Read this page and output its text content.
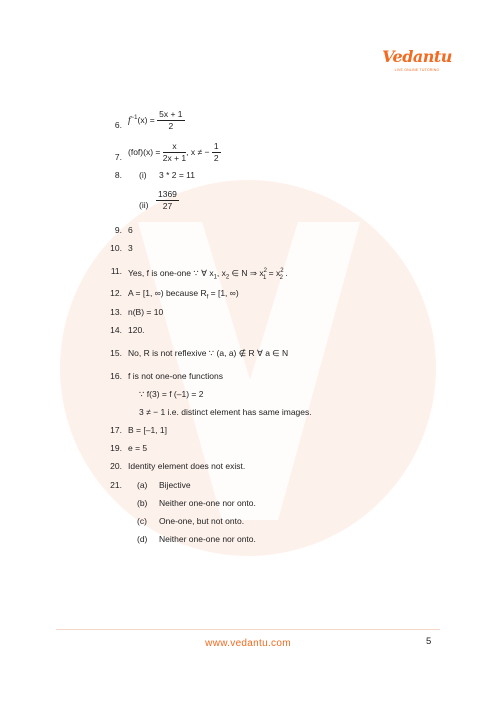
Vedantu
LIVE ONLINE TUTORING
6. $f^{-1}(x) = \frac{5x + 1}{2}$
7.
$(fof)(x) = \frac{x}{2x + 1}$ , x ≠ − $\frac{1}{2}$
8. (i) 3 * 2 = 11
$(ii) \frac{1369}{27}$
9. 6
10. 3
11. Yes, f is one-one ∵ ∀ $x_1$, $x_2$ ∈ N ⇒ $x^2_1 = x^2_2$ .
12. A = [1, ∞) because $R_f = [1$, ∞)
13. n(B) = 10
14. 120.
15. No, R is not reflexive ∵ (a, a) ∉ R ∀ a ∈ N
16. f is not one-one functions
∵ f(3) = f (–1) = 2
3 ≠ − 1 i.e. distinct element has same images.
17. B = [–1, 1]
19. e = 5
20. Identity element does not exist.
21. (a) Bijective
(b) Neither one-one nor onto.
(c) One-one, but not onto.
(d) Neither one-one nor onto.
www.vedantu.com	5
